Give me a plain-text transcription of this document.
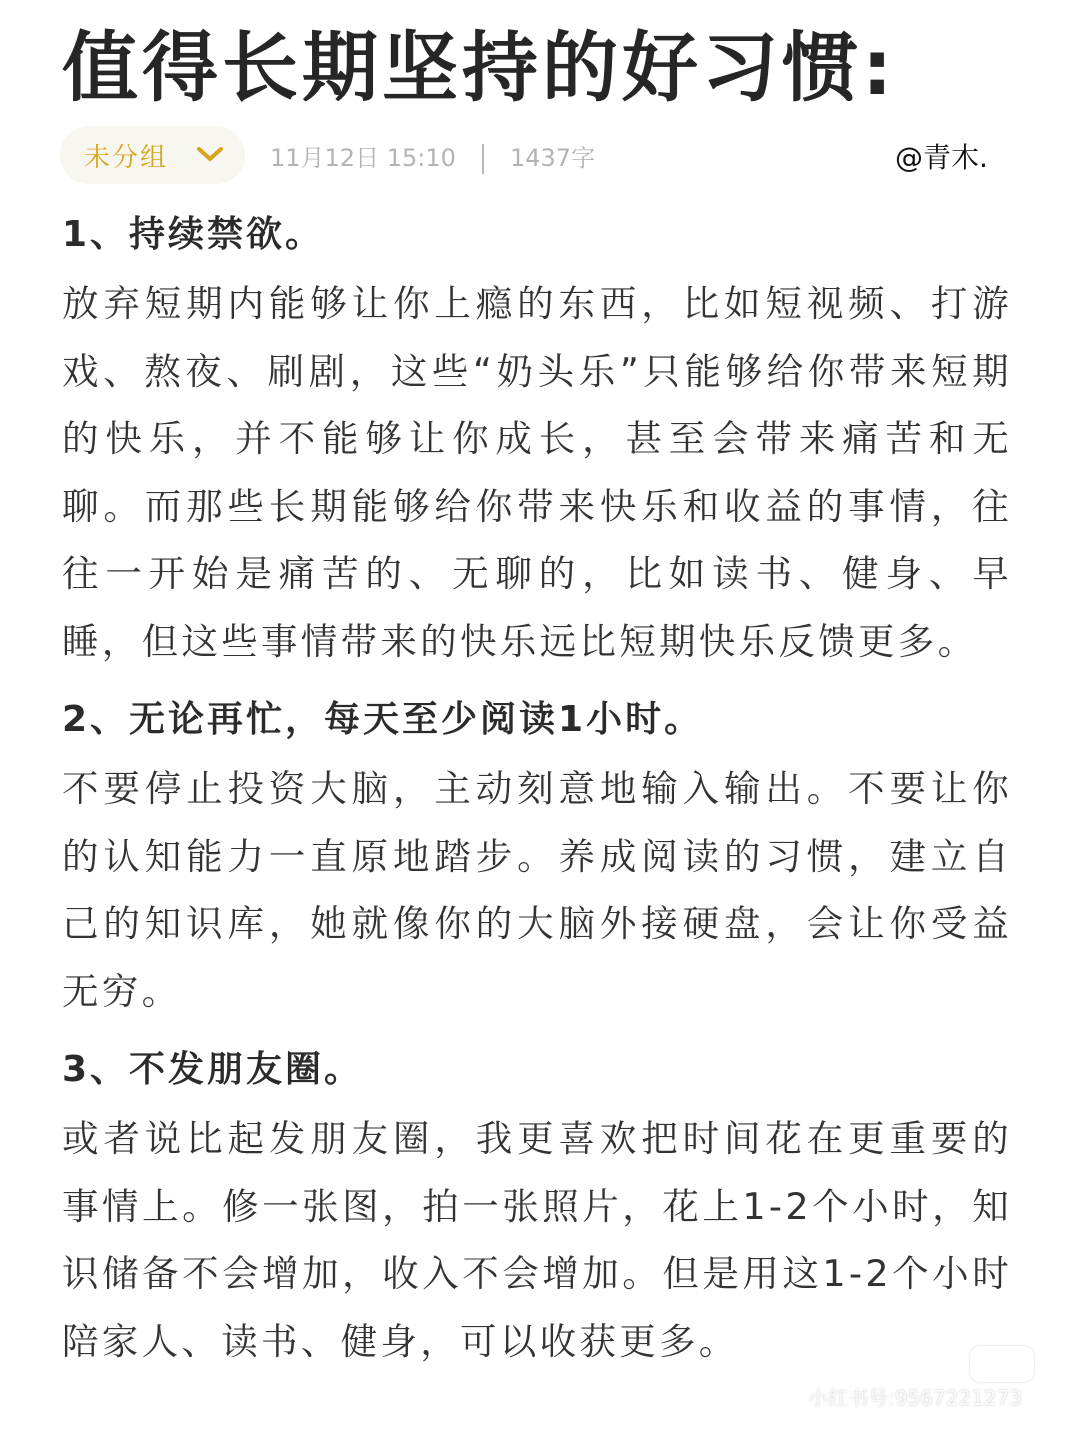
值得长期坚持的好习惯:
未分组	11月12日 15:10 1437字	@青木.

1、持续禁欲。

放弃短期内能够让你上瘾的东西，比如短视频、打游戏、熬夜、刷剧，这些“奶头乐”只能够给你带来短期的快乐，并不能够让你成长，甚至会带来痛苦和无聊。而那些长期能够给你带来快乐和收益的事情，往往一开始是痛苦的、无聊的，比如读书、健身、早睡，但这些事情带来的快乐远比短期快乐反馈更多。

2、无论再忙，每天至少阅读1小时。

不要停止投资大脑，主动刻意地输入输出。不要让你的认知能力一直原地踏步。养成阅读的习惯，建立自己的知识库，她就像你的大脑外接硬盘，会让你受益无穷。

3、不发朋友圈。

或者说比起发朋友圈，我更喜欢把时间花在更重要的事情上。修一张图，拍一张照片，花上1-2个小时，知识储备不会增加，收入不会增加。但是用这1-2个小时陪家人、读书、健身，可以收获更多。

小红书
小红书号:9567221273
